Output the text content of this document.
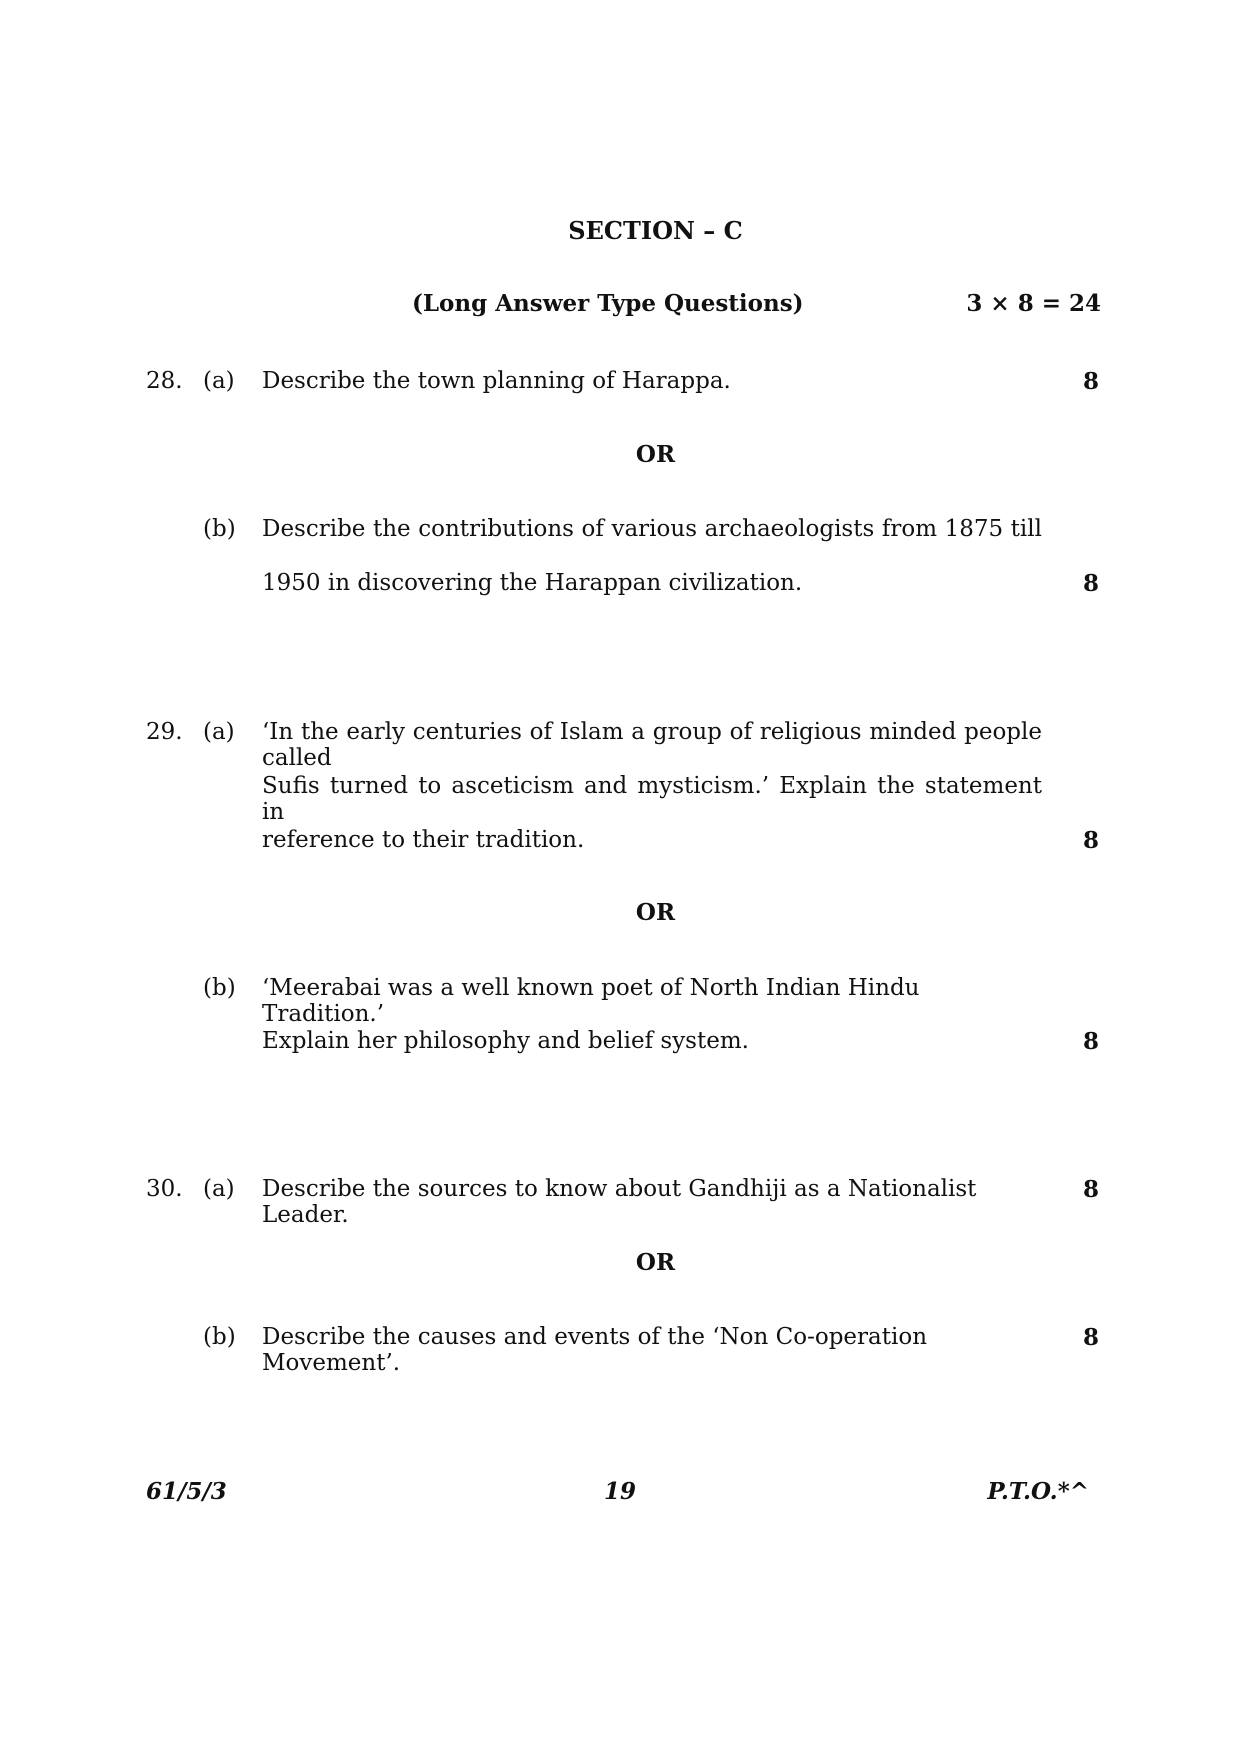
SECTION – C
(Long Answer Type Questions)	3 × 8 = 24
28. (a) Describe the town planning of Harappa.	8
OR
(b) Describe the contributions of various archaeologists from 1875 till
1950 in discovering the Harappan civilization.	8
29. (a) ‘In the early centuries of Islam a group of religious minded people called
Sufis turned to asceticism and mysticism.’ Explain the statement in
reference to their tradition.	8
OR
(b) ‘Meerabai was a well known poet of North Indian Hindu Tradition.’
Explain her philosophy and belief system.	8
30. (a) Describe the sources to know about Gandhiji as a Nationalist Leader.
8
OR
(b) Describe the causes and events of the ‘Non Co-operation Movement’.
8
61/5/3	19	P.T.O.*^
